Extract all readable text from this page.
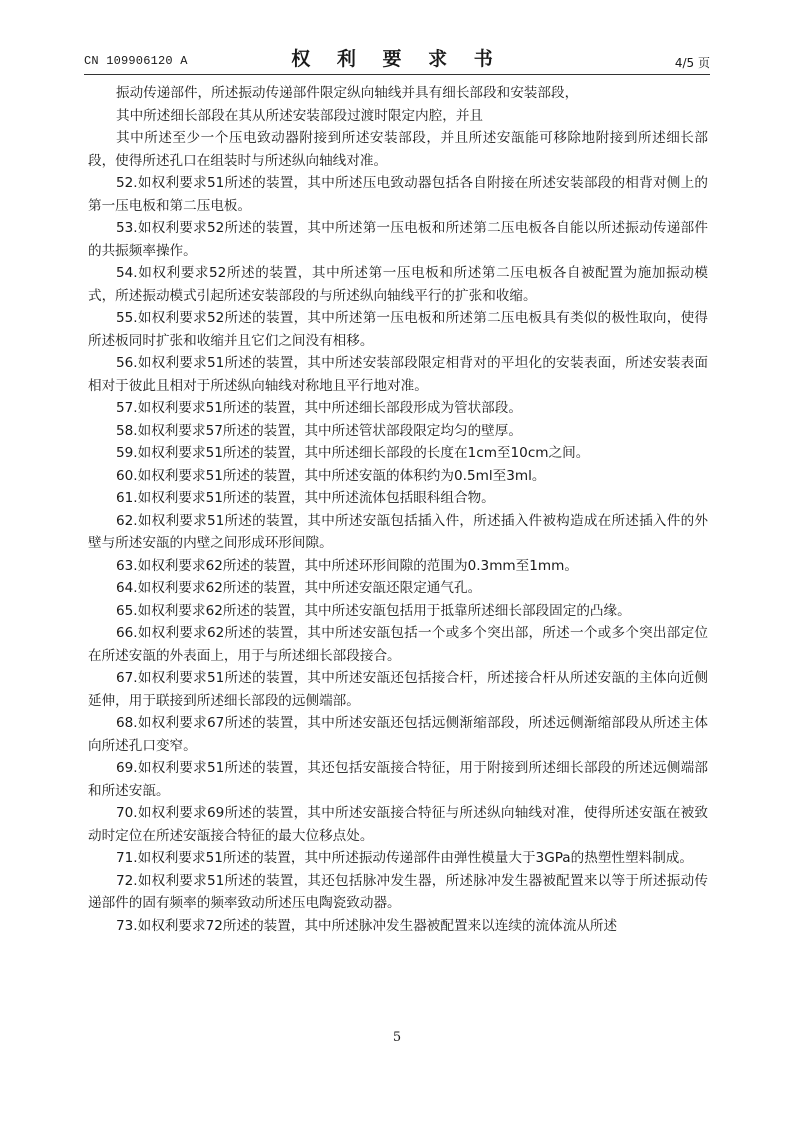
CN 109906120 A	权 利 要 求 书	4/5 页

振动传递部件，所述振动传递部件限定纵向轴线并具有细长部段和安装部段，

其中所述细长部段在其从所述安装部段过渡时限定内腔，并且

其中所述至少一个压电致动器附接到所述安装部段，并且所述安瓿能可移除地附接到所述细长部段，使得所述孔口在组装时与所述纵向轴线对准。

52.如权利要求51所述的装置，其中所述压电致动器包括各自附接在所述安装部段的相背对侧上的第一压电板和第二压电板。

53.如权利要求52所述的装置，其中所述第一压电板和所述第二压电板各自能以所述振动传递部件的共振频率操作。

54.如权利要求52所述的装置，其中所述第一压电板和所述第二压电板各自被配置为施加振动模式，所述振动模式引起所述安装部段的与所述纵向轴线平行的扩张和收缩。

55.如权利要求52所述的装置，其中所述第一压电板和所述第二压电板具有类似的极性取向，使得所述板同时扩张和收缩并且它们之间没有相移。

56.如权利要求51所述的装置，其中所述安装部段限定相背对的平坦化的安装表面，所述安装表面相对于彼此且相对于所述纵向轴线对称地且平行地对准。

57.如权利要求51所述的装置，其中所述细长部段形成为管状部段。

58.如权利要求57所述的装置，其中所述管状部段限定均匀的壁厚。

59.如权利要求51所述的装置，其中所述细长部段的长度在1cm至10cm之间。

60.如权利要求51所述的装置，其中所述安瓿的体积约为0.5ml至3ml。

61.如权利要求51所述的装置，其中所述流体包括眼科组合物。

62.如权利要求51所述的装置，其中所述安瓿包括插入件，所述插入件被构造成在所述插入件的外壁与所述安瓿的内壁之间形成环形间隙。

63.如权利要求62所述的装置，其中所述环形间隙的范围为0.3mm至1mm。

64.如权利要求62所述的装置，其中所述安瓿还限定通气孔。

65.如权利要求62所述的装置，其中所述安瓿包括用于抵靠所述细长部段固定的凸缘。

66.如权利要求62所述的装置，其中所述安瓿包括一个或多个突出部，所述一个或多个突出部定位在所述安瓿的外表面上，用于与所述细长部段接合。

67.如权利要求51所述的装置，其中所述安瓿还包括接合杆，所述接合杆从所述安瓿的主体向近侧延伸，用于联接到所述细长部段的远侧端部。

68.如权利要求67所述的装置，其中所述安瓿还包括远侧渐缩部段，所述远侧渐缩部段从所述主体向所述孔口变窄。

69.如权利要求51所述的装置，其还包括安瓿接合特征，用于附接到所述细长部段的所述远侧端部和所述安瓿。

70.如权利要求69所述的装置，其中所述安瓿接合特征与所述纵向轴线对准，使得所述安瓿在被致动时定位在所述安瓿接合特征的最大位移点处。

71.如权利要求51所述的装置，其中所述振动传递部件由弹性模量大于3GPa的热塑性塑料制成。

72.如权利要求51所述的装置，其还包括脉冲发生器，所述脉冲发生器被配置来以等于所述振动传递部件的固有频率的频率致动所述压电陶瓷致动器。

73.如权利要求72所述的装置，其中所述脉冲发生器被配置来以连续的流体流从所述

5
